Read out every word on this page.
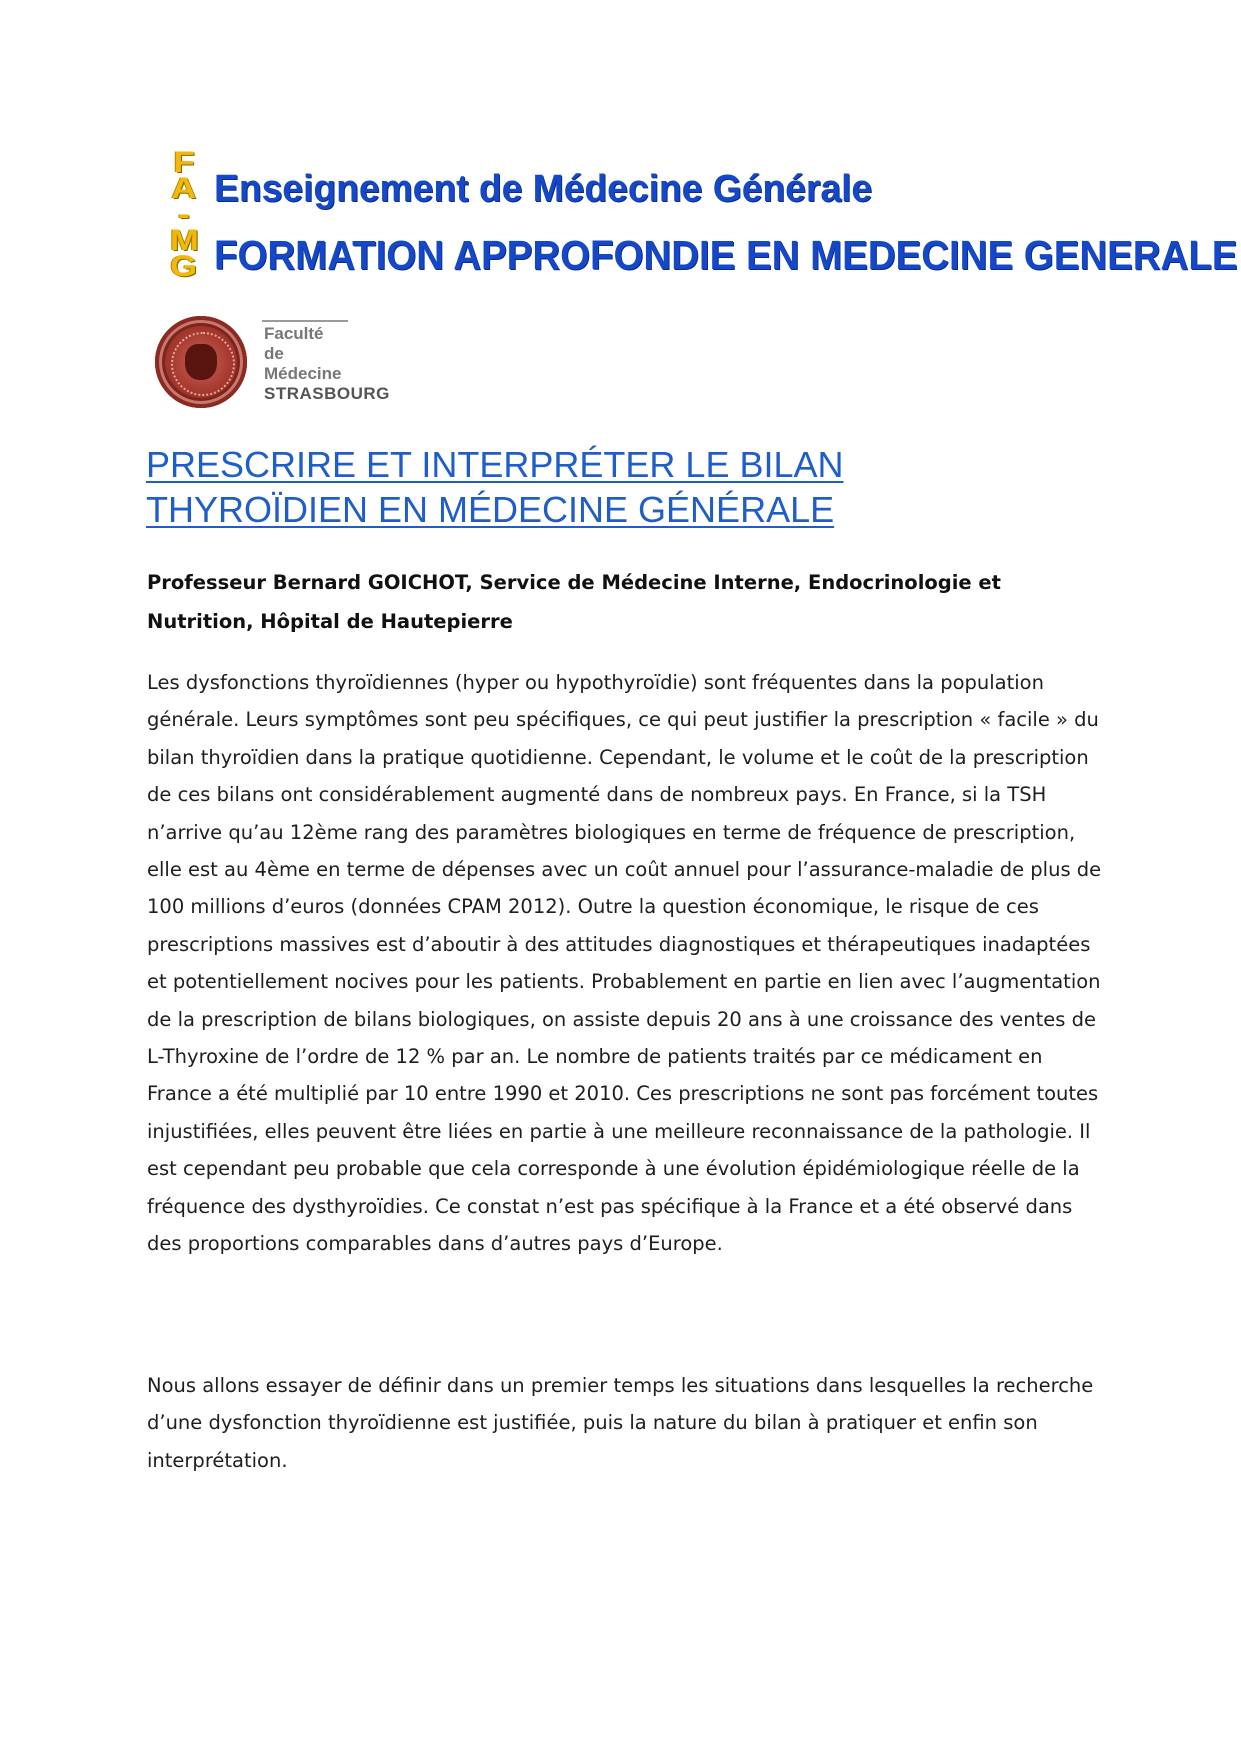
F
A
-
M
G

Enseignement de Médecine Générale

FORMATION APPROFONDIE EN MEDECINE GENERALE

Faculté
de
Médecine
STRASBOURG
PRESCRIRE ET INTERPRÉTER LE BILAN THYROÏDIEN EN MÉDECINE GÉNÉRALE

Professeur Bernard GOICHOT, Service de Médecine Interne, Endocrinologie et Nutrition, Hôpital de Hautepierre

Les dysfonctions thyroïdiennes (hyper ou hypothyroïdie) sont fréquentes dans la population générale. Leurs symptômes sont peu spécifiques, ce qui peut justifier la prescription « facile » du bilan thyroïdien dans la pratique quotidienne. Cependant, le volume et le coût de la prescription de ces bilans ont considérablement augmenté dans de nombreux pays. En France, si la TSH n’arrive qu’au 12ème rang des paramètres biologiques en terme de fréquence de prescription, elle est au 4ème en terme de dépenses avec un coût annuel pour l’assurance-maladie de plus de 100 millions d’euros (données CPAM 2012). Outre la question économique, le risque de ces prescriptions massives est d’aboutir à des attitudes diagnostiques et thérapeutiques inadaptées et potentiellement nocives pour les patients. Probablement en partie en lien avec l’augmentation de la prescription de bilans biologiques, on assiste depuis 20 ans à une croissance des ventes de L-Thyroxine de l’ordre de 12 % par an. Le nombre de patients traités par ce médicament en France a été multiplié par 10 entre 1990 et 2010. Ces prescriptions ne sont pas forcément toutes injustifiées, elles peuvent être liées en partie à une meilleure reconnaissance de la pathologie. Il est cependant peu probable que cela corresponde à une évolution épidémiologique réelle de la fréquence des dysthyroïdies. Ce constat n’est pas spécifique à la France et a été observé dans des proportions comparables dans d’autres pays d’Europe.

Nous allons essayer de définir dans un premier temps les situations dans lesquelles la recherche d’une dysfonction thyroïdienne est justifiée, puis la nature du bilan à pratiquer et enfin son interprétation.
